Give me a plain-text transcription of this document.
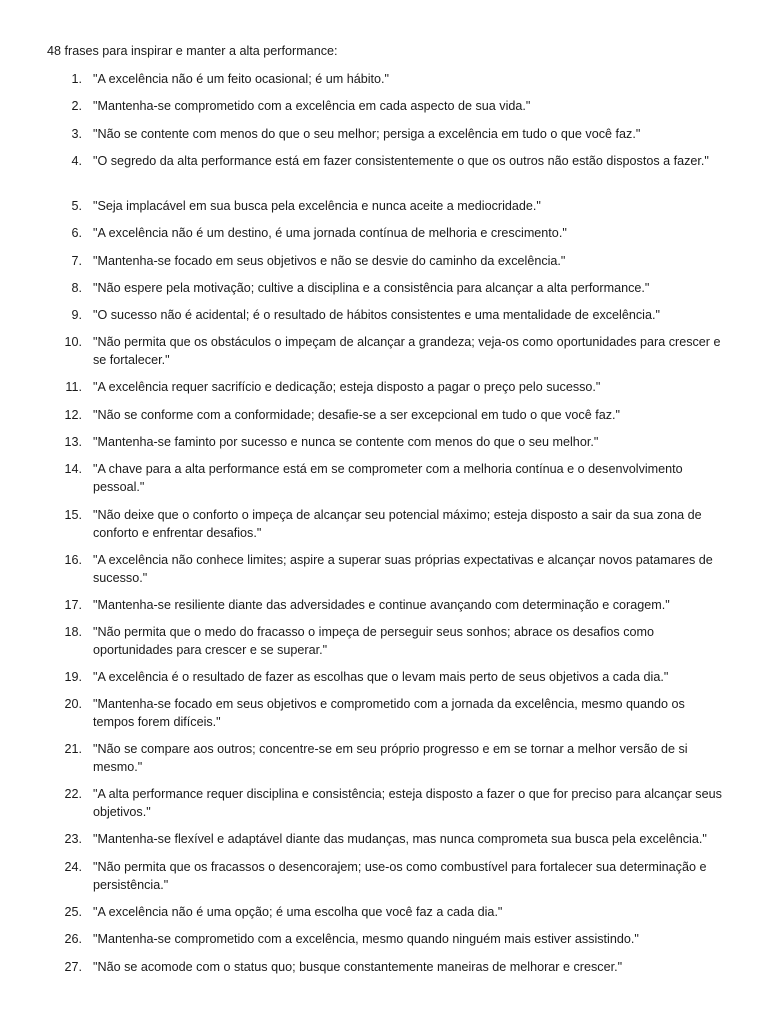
48 frases para inspirar e manter a alta performance:
1. "A excelência não é um feito ocasional; é um hábito."
2. "Mantenha-se comprometido com a excelência em cada aspecto de sua vida."
3. "Não se contente com menos do que o seu melhor; persiga a excelência em tudo o que você faz."
4. "O segredo da alta performance está em fazer consistentemente o que os outros não estão dispostos a fazer."
5. "Seja implacável em sua busca pela excelência e nunca aceite a mediocridade."
6. "A excelência não é um destino, é uma jornada contínua de melhoria e crescimento."
7. "Mantenha-se focado em seus objetivos e não se desvie do caminho da excelência."
8. "Não espere pela motivação; cultive a disciplina e a consistência para alcançar a alta performance."
9. "O sucesso não é acidental; é o resultado de hábitos consistentes e uma mentalidade de excelência."
10. "Não permita que os obstáculos o impeçam de alcançar a grandeza; veja-os como oportunidades para crescer e se fortalecer."
11. "A excelência requer sacrifício e dedicação; esteja disposto a pagar o preço pelo sucesso."
12. "Não se conforme com a conformidade; desafie-se a ser excepcional em tudo o que você faz."
13. "Mantenha-se faminto por sucesso e nunca se contente com menos do que o seu melhor."
14. "A chave para a alta performance está em se comprometer com a melhoria contínua e o desenvolvimento pessoal."
15. "Não deixe que o conforto o impeça de alcançar seu potencial máximo; esteja disposto a sair da sua zona de conforto e enfrentar desafios."
16. "A excelência não conhece limites; aspire a superar suas próprias expectativas e alcançar novos patamares de sucesso."
17. "Mantenha-se resiliente diante das adversidades e continue avançando com determinação e coragem."
18. "Não permita que o medo do fracasso o impeça de perseguir seus sonhos; abrace os desafios como oportunidades para crescer e se superar."
19. "A excelência é o resultado de fazer as escolhas que o levam mais perto de seus objetivos a cada dia."
20. "Mantenha-se focado em seus objetivos e comprometido com a jornada da excelência, mesmo quando os tempos forem difíceis."
21. "Não se compare aos outros; concentre-se em seu próprio progresso e em se tornar a melhor versão de si mesmo."
22. "A alta performance requer disciplina e consistência; esteja disposto a fazer o que for preciso para alcançar seus objetivos."
23. "Mantenha-se flexível e adaptável diante das mudanças, mas nunca comprometa sua busca pela excelência."
24. "Não permita que os fracassos o desencorajem; use-os como combustível para fortalecer sua determinação e persistência."
25. "A excelência não é uma opção; é uma escolha que você faz a cada dia."
26. "Mantenha-se comprometido com a excelência, mesmo quando ninguém mais estiver assistindo."
27. "Não se acomode com o status quo; busque constantemente maneiras de melhorar e crescer."
